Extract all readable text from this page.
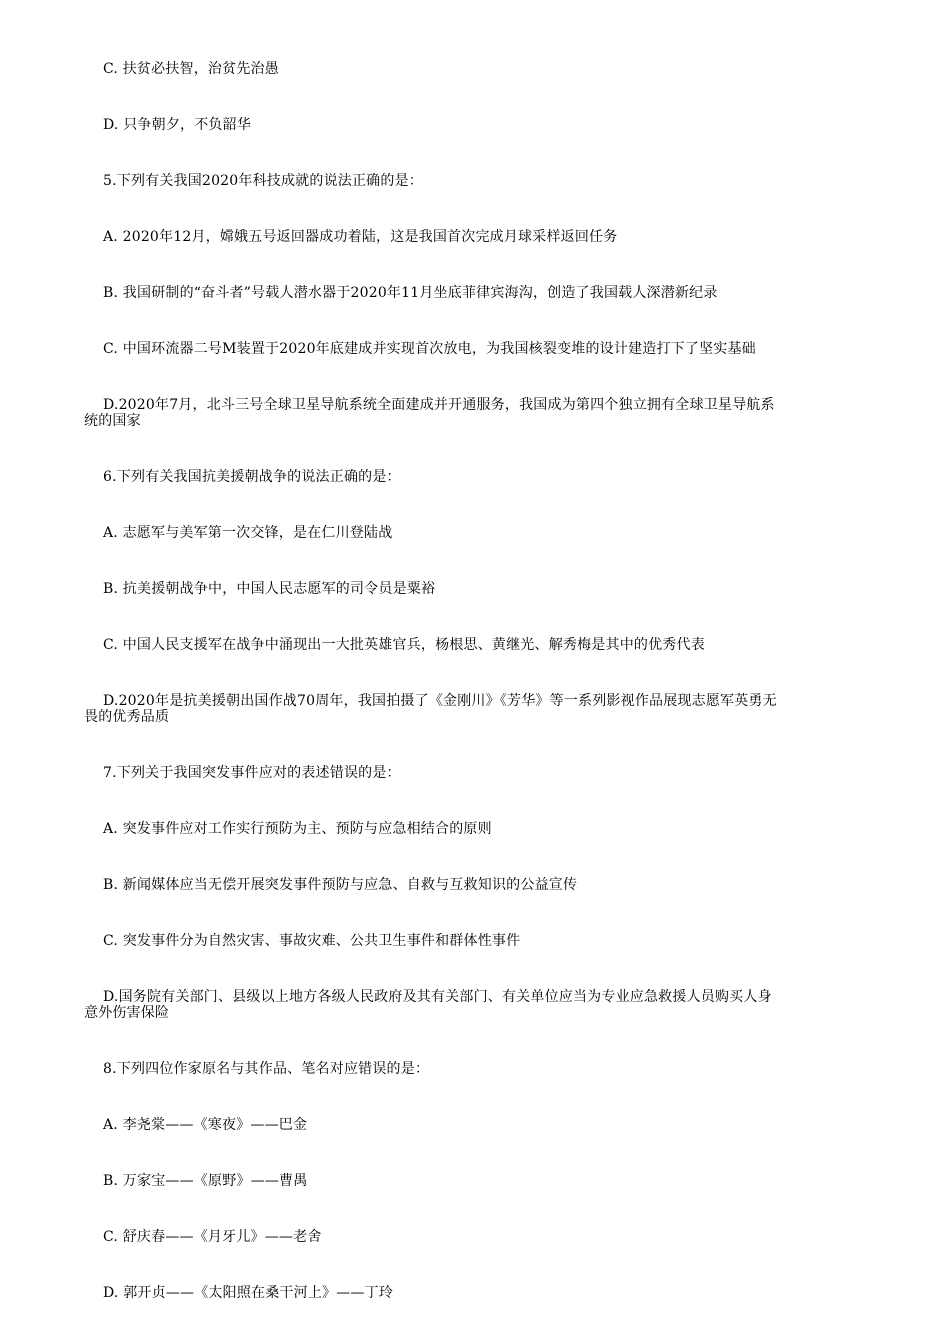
C. 扶贫必扶智，治贫先治愚
D. 只争朝夕，不负韶华
5.下列有关我国2020年科技成就的说法正确的是：
A. 2020年12月，嫦娥五号返回器成功着陆，这是我国首次完成月球采样返回任务
B. 我国研制的“奋斗者”号载人潜水器于2020年11月坐底菲律宾海沟，创造了我国载人深潜新纪录
C. 中国环流器二号M装置于2020年底建成并实现首次放电，为我国核裂变堆的设计建造打下了坚实基础
D.2020年7月，北斗三号全球卫星导航系统全面建成并开通服务，我国成为第四个独立拥有全球卫星导航系
统的国家
6.下列有关我国抗美援朝战争的说法正确的是：
A. 志愿军与美军第一次交锋，是在仁川登陆战
B. 抗美援朝战争中，中国人民志愿军的司令员是粟裕
C. 中国人民支援军在战争中涌现出一大批英雄官兵，杨根思、黄继光、解秀梅是其中的优秀代表
D.2020年是抗美援朝出国作战70周年，我国拍摄了《金刚川》《芳华》等一系列影视作品展现志愿军英勇无
畏的优秀品质
7.下列关于我国突发事件应对的表述错误的是：
A. 突发事件应对工作实行预防为主、预防与应急相结合的原则
B. 新闻媒体应当无偿开展突发事件预防与应急、自救与互救知识的公益宣传
C. 突发事件分为自然灾害、事故灾难、公共卫生事件和群体性事件
D.国务院有关部门、县级以上地方各级人民政府及其有关部门、有关单位应当为专业应急救援人员购买人身
意外伤害保险
8.下列四位作家原名与其作品、笔名对应错误的是：
A. 李尧棠——《寒夜》——巴金
B. 万家宝——《原野》——曹禺
C. 舒庆春——《月牙儿》——老舍
D. 郭开贞——《太阳照在桑干河上》——丁玲
